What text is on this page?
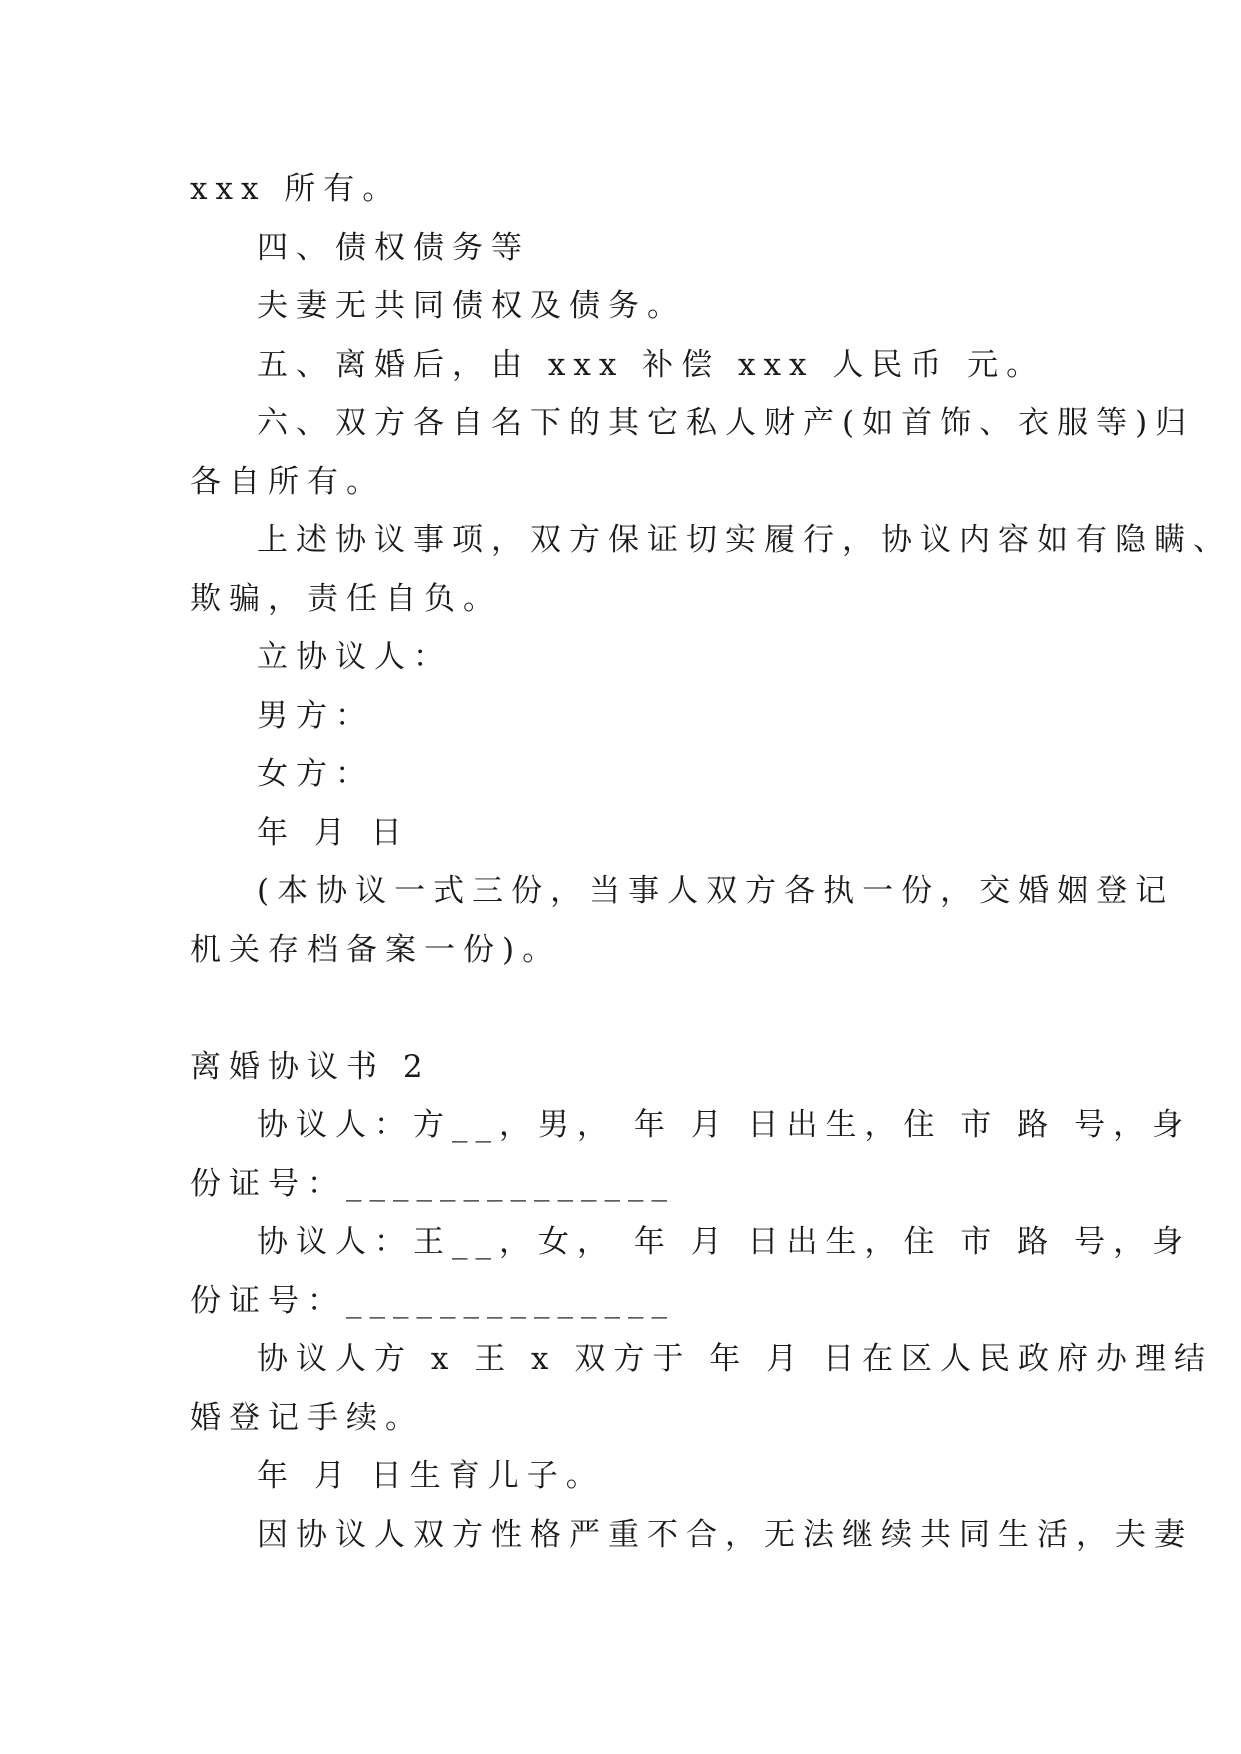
xxx 所有。
四、债权债务等
夫妻无共同债权及债务。
五、离婚后，由 xxx 补偿 xxx 人民币 元。
六、双方各自名下的其它私人财产(如首饰、衣服等)归
各自所有。
上述协议事项，双方保证切实履行，协议内容如有隐瞒、
欺骗，责任自负。
立协议人：
男方：
女方：
年 月 日
(本协议一式三份，当事人双方各执一份，交婚姻登记
机关存档备案一份)。
离婚协议书 2
协议人：方__，男， 年 月 日出生，住 市 路 号，身
份证号：______________
协议人：王__，女， 年 月 日出生，住 市 路 号，身
份证号：______________
协议人方 x 王 x 双方于 年 月 日在区人民政府办理结
婚登记手续。
年 月 日生育儿子。
因协议人双方性格严重不合，无法继续共同生活，夫妻
